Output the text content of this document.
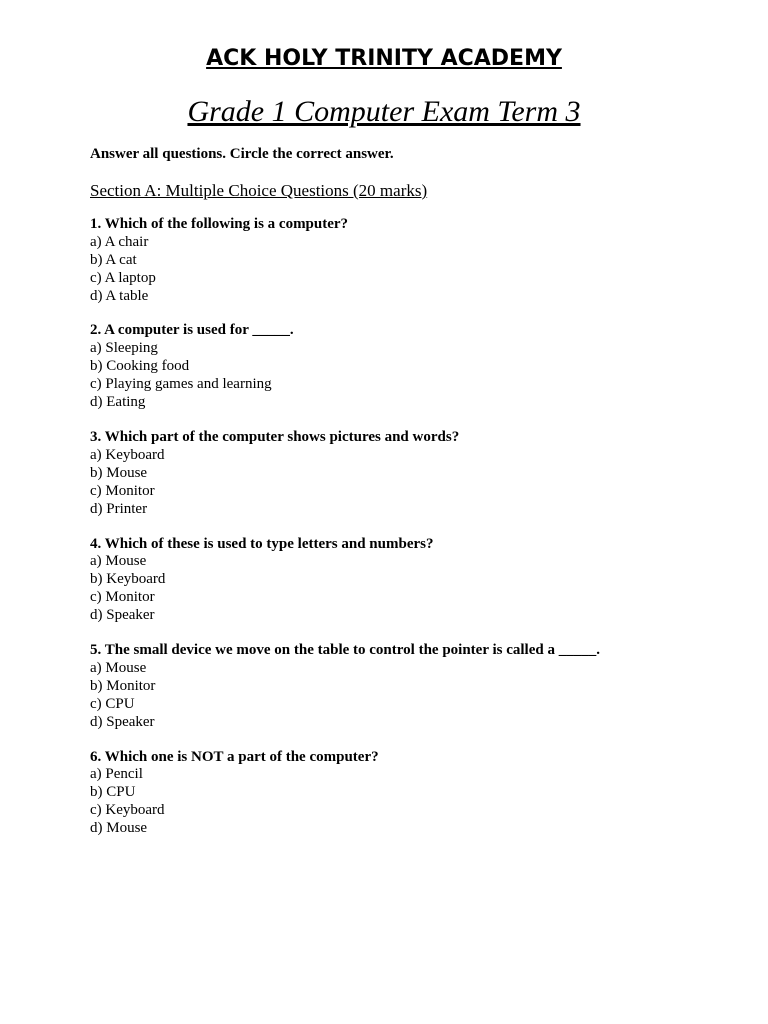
ACK HOLY TRINITY ACADEMY
Grade 1 Computer Exam Term 3

Answer all questions. Circle the correct answer.

Section A: Multiple Choice Questions (20 marks)
1. Which of the following is a computer?
a) A chair
b) A cat
c) A laptop
d) A table
2. A computer is used for _____.
a) Sleeping
b) Cooking food
c) Playing games and learning
d) Eating
3. Which part of the computer shows pictures and words?
a) Keyboard
b) Mouse
c) Monitor
d) Printer
4. Which of these is used to type letters and numbers?
a) Mouse
b) Keyboard
c) Monitor
d) Speaker
5. The small device we move on the table to control the pointer is called a _____.
a) Mouse
b) Monitor
c) CPU
d) Speaker
6. Which one is NOT a part of the computer?
a) Pencil
b) CPU
c) Keyboard
d) Mouse
